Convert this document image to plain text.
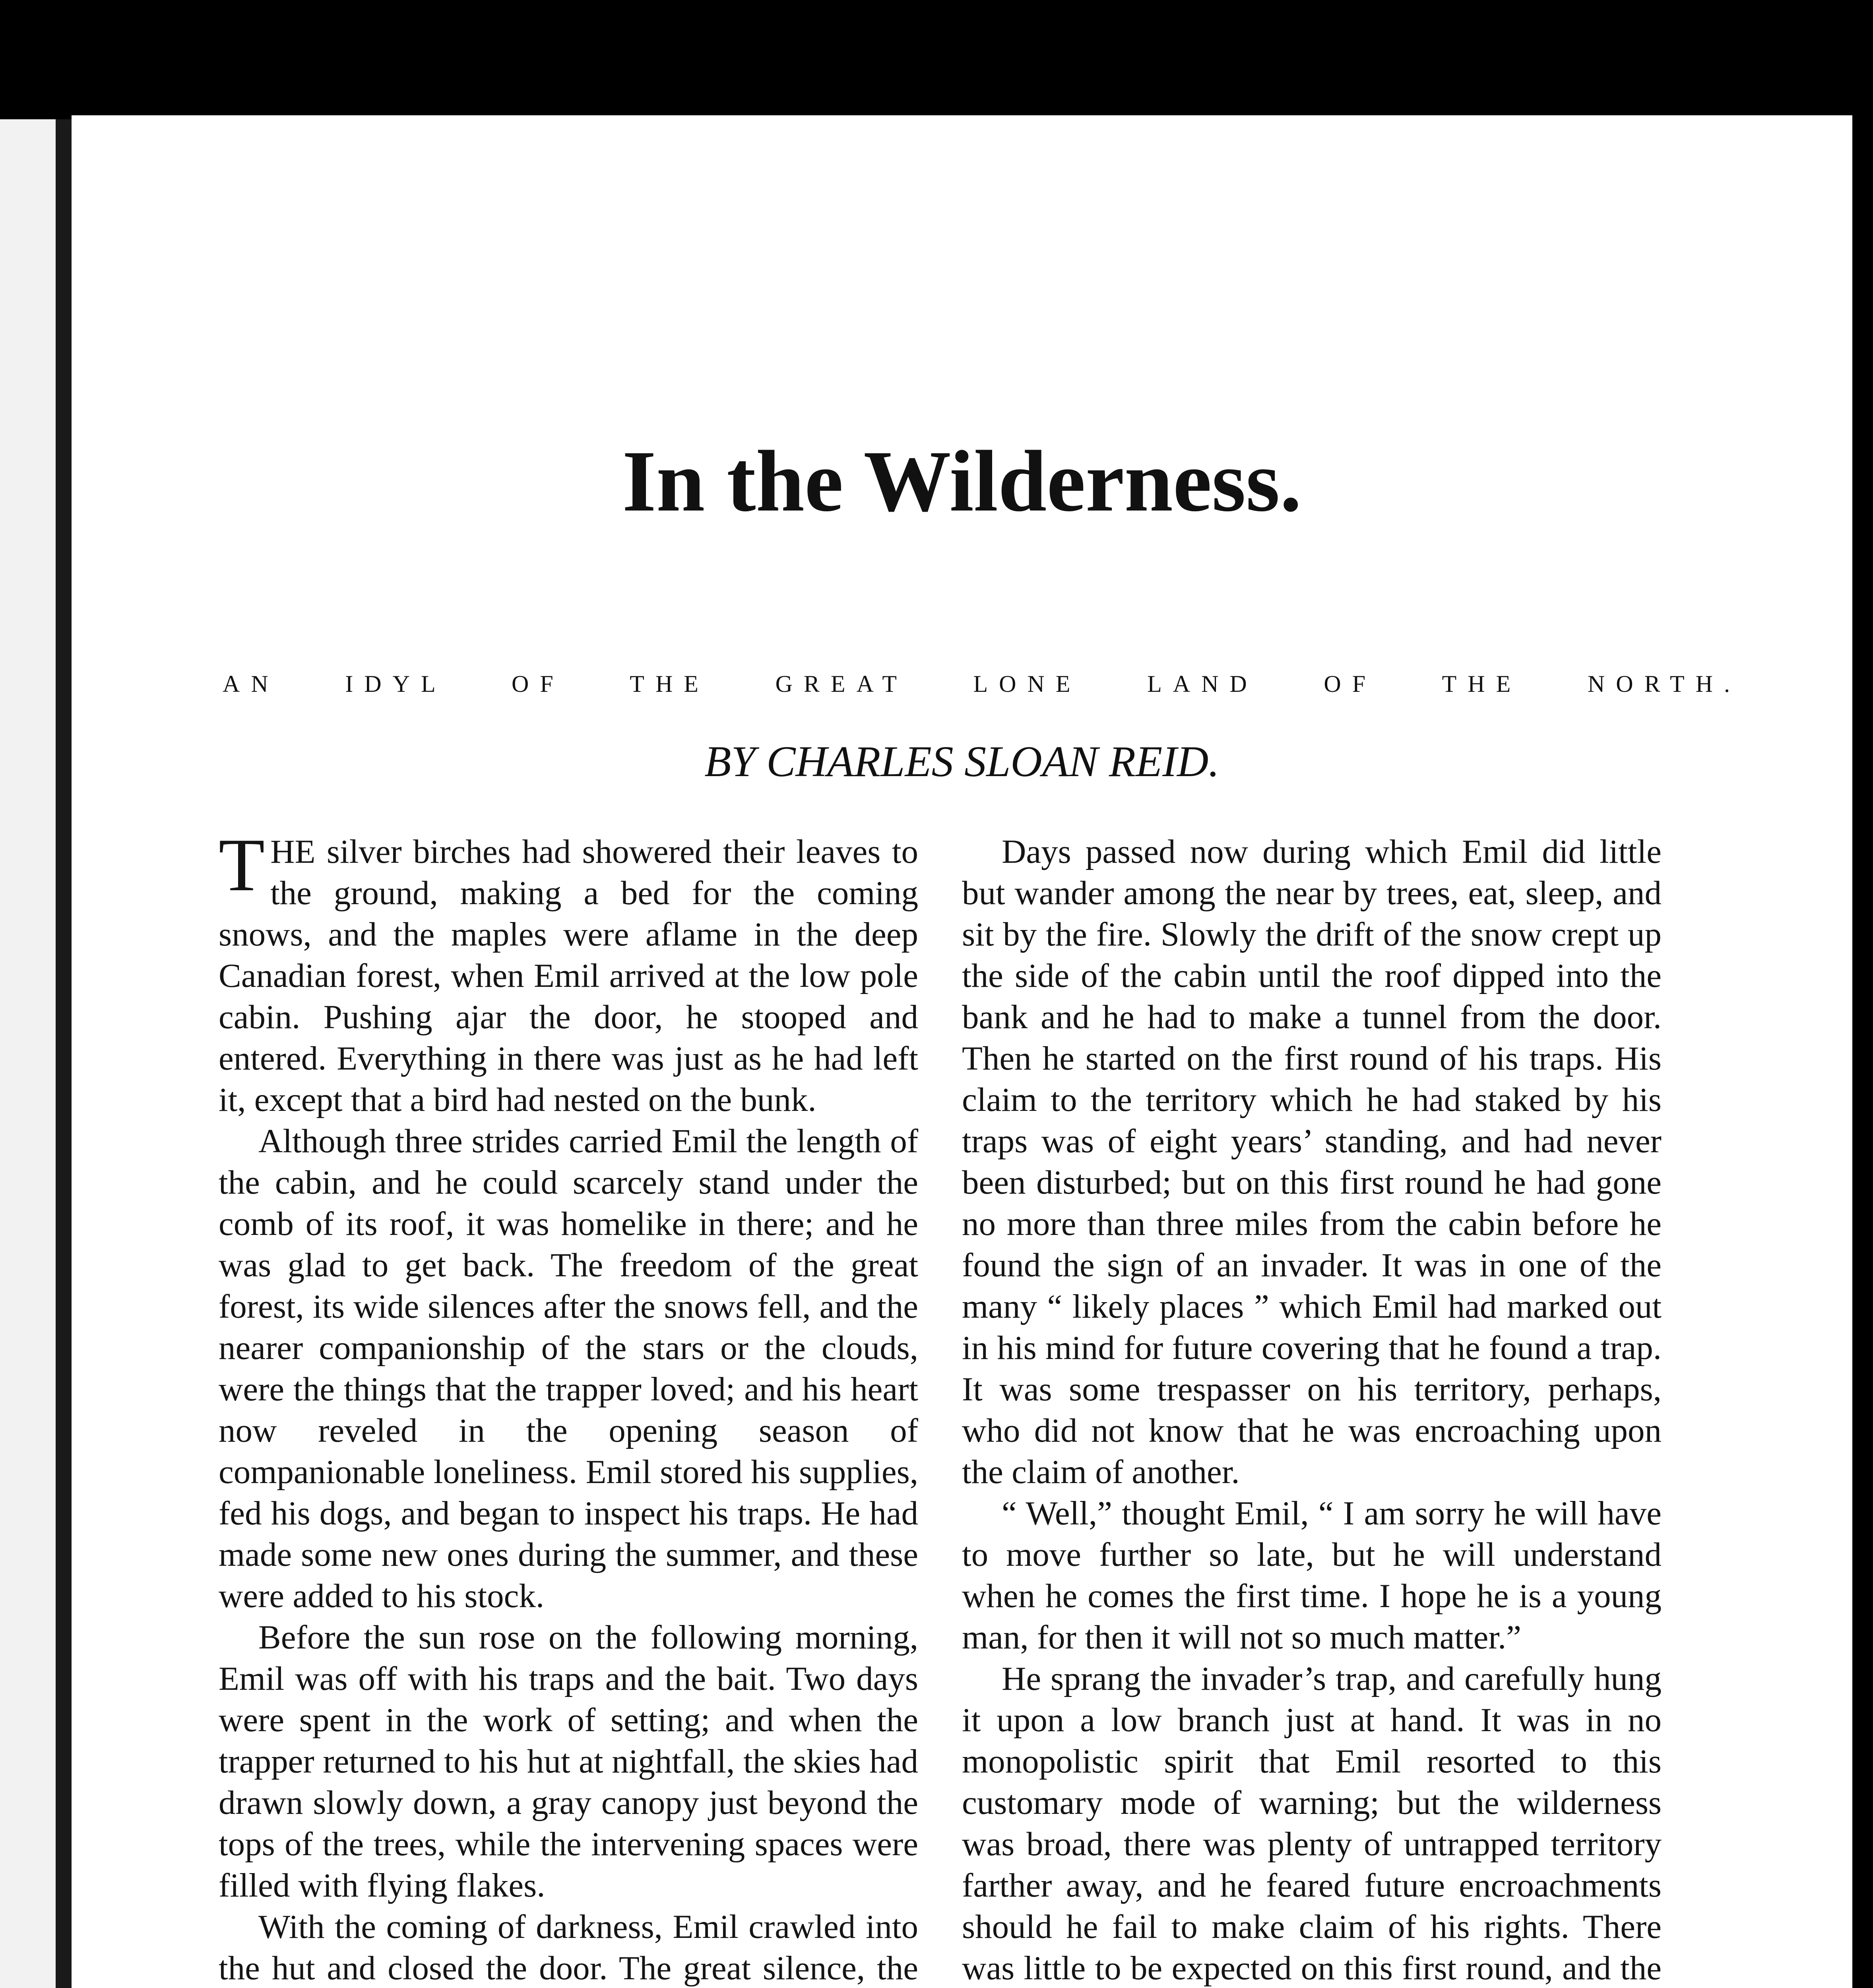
In the Wilderness.
AN IDYL OF THE GREAT LONE LAND OF THE NORTH.
BY CHARLES SLOAN REID.

THE silver birches had showered their leaves to the ground, making a bed for the coming snows, and the maples were aflame in the deep Canadian forest, when Emil arrived at the low pole cabin. Pushing ajar the door, he stooped and entered. Everything in there was just as he had left it, except that a bird had nested on the bunk.

Although three strides carried Emil the length of the cabin, and he could scarcely stand under the comb of its roof, it was homelike in there; and he was glad to get back. The freedom of the great forest, its wide silences after the snows fell, and the nearer companionship of the stars or the clouds, were the things that the trapper loved; and his heart now reveled in the opening season of companionable loneliness. Emil stored his supplies, fed his dogs, and began to inspect his traps. He had made some new ones during the summer, and these were added to his stock.

Before the sun rose on the following morning, Emil was off with his traps and the bait. Two days were spent in the work of setting; and when the trapper returned to his hut at nightfall, the skies had drawn slowly down, a gray canopy just beyond the tops of the trees, while the intervening spaces were filled with flying flakes.

With the coming of darkness, Emil crawled into the hut and closed the door. The great silence, the

Days passed now during which Emil did little but wander among the near by trees, eat, sleep, and sit by the fire. Slowly the drift of the snow crept up the side of the cabin until the roof dipped into the bank and he had to make a tunnel from the door. Then he started on the first round of his traps. His claim to the territory which he had staked by his traps was of eight years’ standing, and had never been disturbed; but on this first round he had gone no more than three miles from the cabin before he found the sign of an invader. It was in one of the many “ likely places ” which Emil had marked out in his mind for future covering that he found a trap. It was some trespasser on his territory, perhaps, who did not know that he was encroaching upon the claim of another.

“ Well,” thought Emil, “ I am sorry he will have to move further so late, but he will understand when he comes the first time. I hope he is a young man, for then it will not so much matter.”

He sprang the invader’s trap, and carefully hung it upon a low branch just at hand. It was in no monopolistic spirit that Emil resorted to this customary mode of warning; but the wilderness was broad, there was plenty of untrapped territory farther away, and he feared future encroachments should he fail to make claim of his rights. There was little to be expected on this first round, and the
